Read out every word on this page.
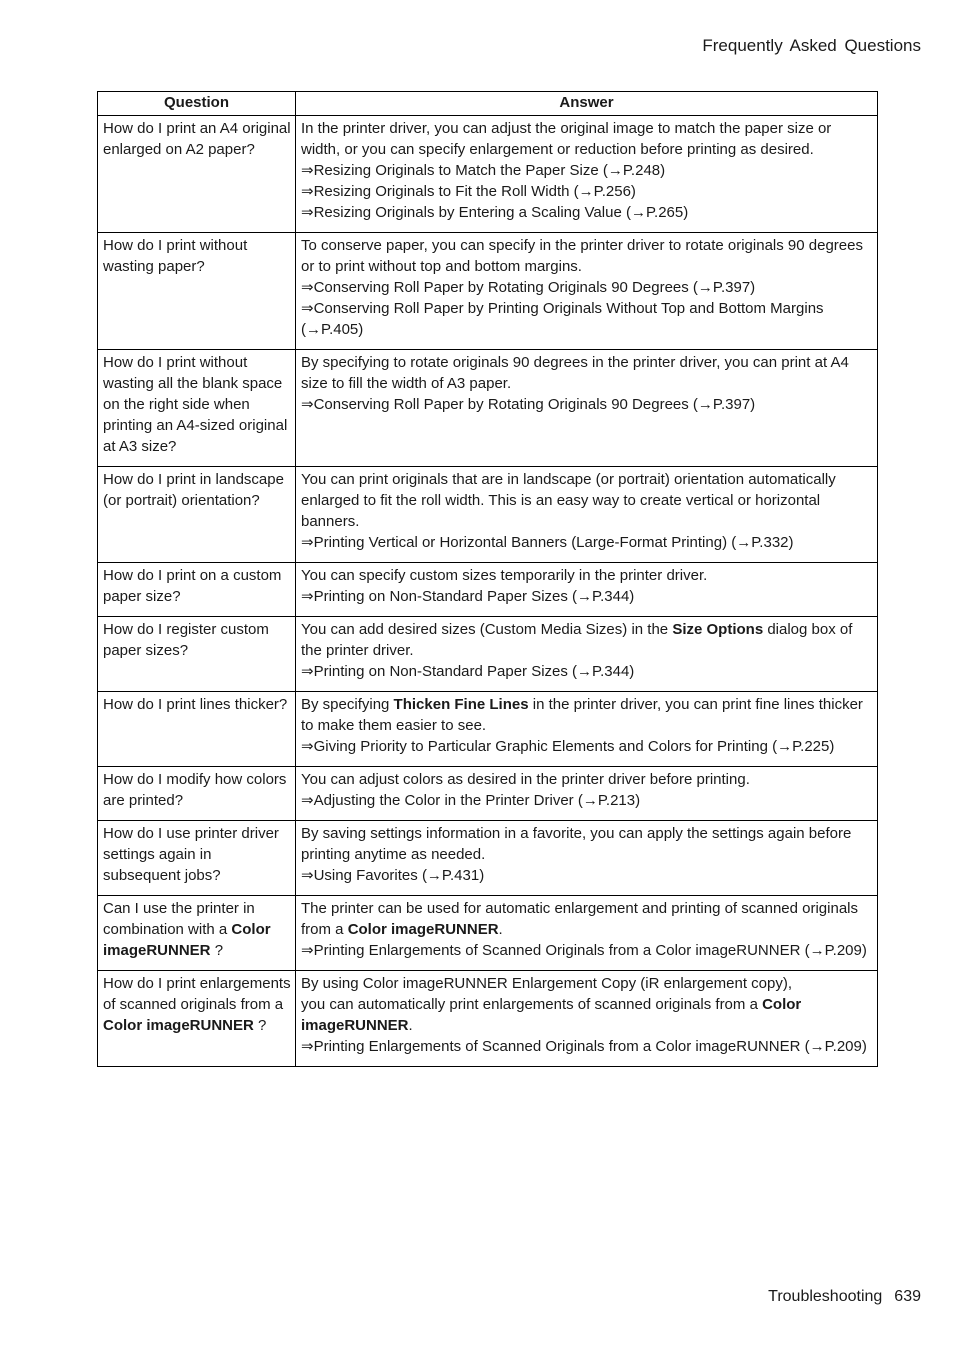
Frequently Asked Questions
Question	Answer
How do I print an A4 original enlarged on A2 paper?	In the printer driver, you can adjust the original image to match the paper size or width, or you can specify enlargement or reduction before printing as desired.
⇒Resizing Originals to Match the Paper Size (→P.248)
⇒Resizing Originals to Fit the Roll Width (→P.256)
⇒Resizing Originals by Entering a Scaling Value (→P.265)

How do I print without wasting paper?	To conserve paper, you can specify in the printer driver to rotate originals 90 degrees or to print without top and bottom margins.
⇒Conserving Roll Paper by Rotating Originals 90 Degrees (→P.397)
⇒Conserving Roll Paper by Printing Originals Without Top and Bottom Margins (→P.405)

How do I print without wasting all the blank space on the right side when printing an A4-sized original at A3 size?	By specifying to rotate originals 90 degrees in the printer driver, you can print at A4 size to fill the width of A3 paper.
⇒Conserving Roll Paper by Rotating Originals 90 Degrees (→P.397)

How do I print in landscape (or portrait) orientation?	You can print originals that are in landscape (or portrait) orientation automatically enlarged to fit the roll width. This is an easy way to create vertical or horizontal banners.
⇒Printing Vertical or Horizontal Banners (Large-Format Printing) (→P.332)

How do I print on a custom paper size?	You can specify custom sizes temporarily in the printer driver.
⇒Printing on Non-Standard Paper Sizes (→P.344)

How do I register custom paper sizes?	You can add desired sizes (Custom Media Sizes) in the Size Options dialog box of the printer driver.
⇒Printing on Non-Standard Paper Sizes (→P.344)

How do I print lines thicker?	By specifying Thicken Fine Lines in the printer driver, you can print fine lines thicker to make them easier to see.
⇒Giving Priority to Particular Graphic Elements and Colors for Printing (→P.225)

How do I modify how colors are printed?	You can adjust colors as desired in the printer driver before printing.
⇒Adjusting the Color in the Printer Driver (→P.213)

How do I use printer driver settings again in subsequent jobs?	By saving settings information in a favorite, you can apply the settings again before printing anytime as needed.
⇒Using Favorites (→P.431)

Can I use the printer in combination with a Color imageRUNNER ?	The printer can be used for automatic enlargement and printing of scanned originals from a Color imageRUNNER.
⇒Printing Enlargements of Scanned Originals from a Color imageRUNNER (→P.209)

How do I print enlargements of scanned originals from a Color imageRUNNER ?	By using Color imageRUNNER Enlargement Copy (iR enlargement copy),
you can automatically print enlargements of scanned originals from a Color imageRUNNER.
⇒Printing Enlargements of Scanned Originals from a Color imageRUNNER (→P.209)
Troubleshooting 639
